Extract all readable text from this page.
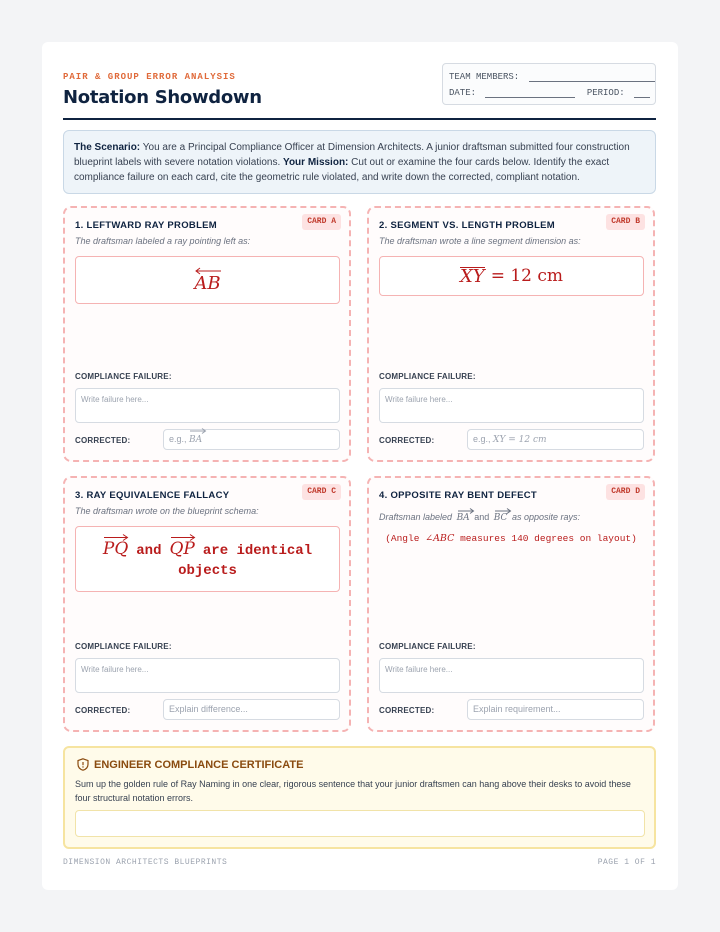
PAIR & GROUP ERROR ANALYSIS
Notation Showdown
TEAM MEMBERS:
DATE:	PERIOD:
The Scenario: You are a Principal Compliance Officer at Dimension Architects. A junior draftsman submitted four construction blueprint labels with severe notation violations. Your Mission: Cut out or examine the four cards below. Identify the exact compliance failure on each card, cite the geometric rule violated, and write down the corrected, compliant notation.
CARD A
1. LEFTWARD RAY PROBLEM
The draftsman labeled a ray pointing left as:
AB
COMPLIANCE FAILURE:
Write failure here...
CORRECTED:	e.g., BA
CARD B
2. SEGMENT VS. LENGTH PROBLEM
The draftsman wrote a line segment dimension as:
XY = 12 cm
COMPLIANCE FAILURE:
Write failure here...
CORRECTED:	e.g., XY = 12 cm
CARD C
3. RAY EQUIVALENCE FALLACY
The draftsman wrote on the blueprint schema:
PQ and QP are identical
objects
COMPLIANCE FAILURE:
Write failure here...
CORRECTED:	Explain difference...
CARD D
4. OPPOSITE RAY BENT DEFECT
Draftsman labeled BA and BC as opposite rays:
(Angle ∠ABC measures 140 degrees on layout)
COMPLIANCE FAILURE:
Write failure here...
CORRECTED:	Explain requirement...
ENGINEER COMPLIANCE CERTIFICATE
Sum up the golden rule of Ray Naming in one clear, rigorous sentence that your junior draftsmen can hang above their desks to avoid these four structural notation errors.
DIMENSION ARCHITECTS BLUEPRINTS	PAGE 1 OF 1
